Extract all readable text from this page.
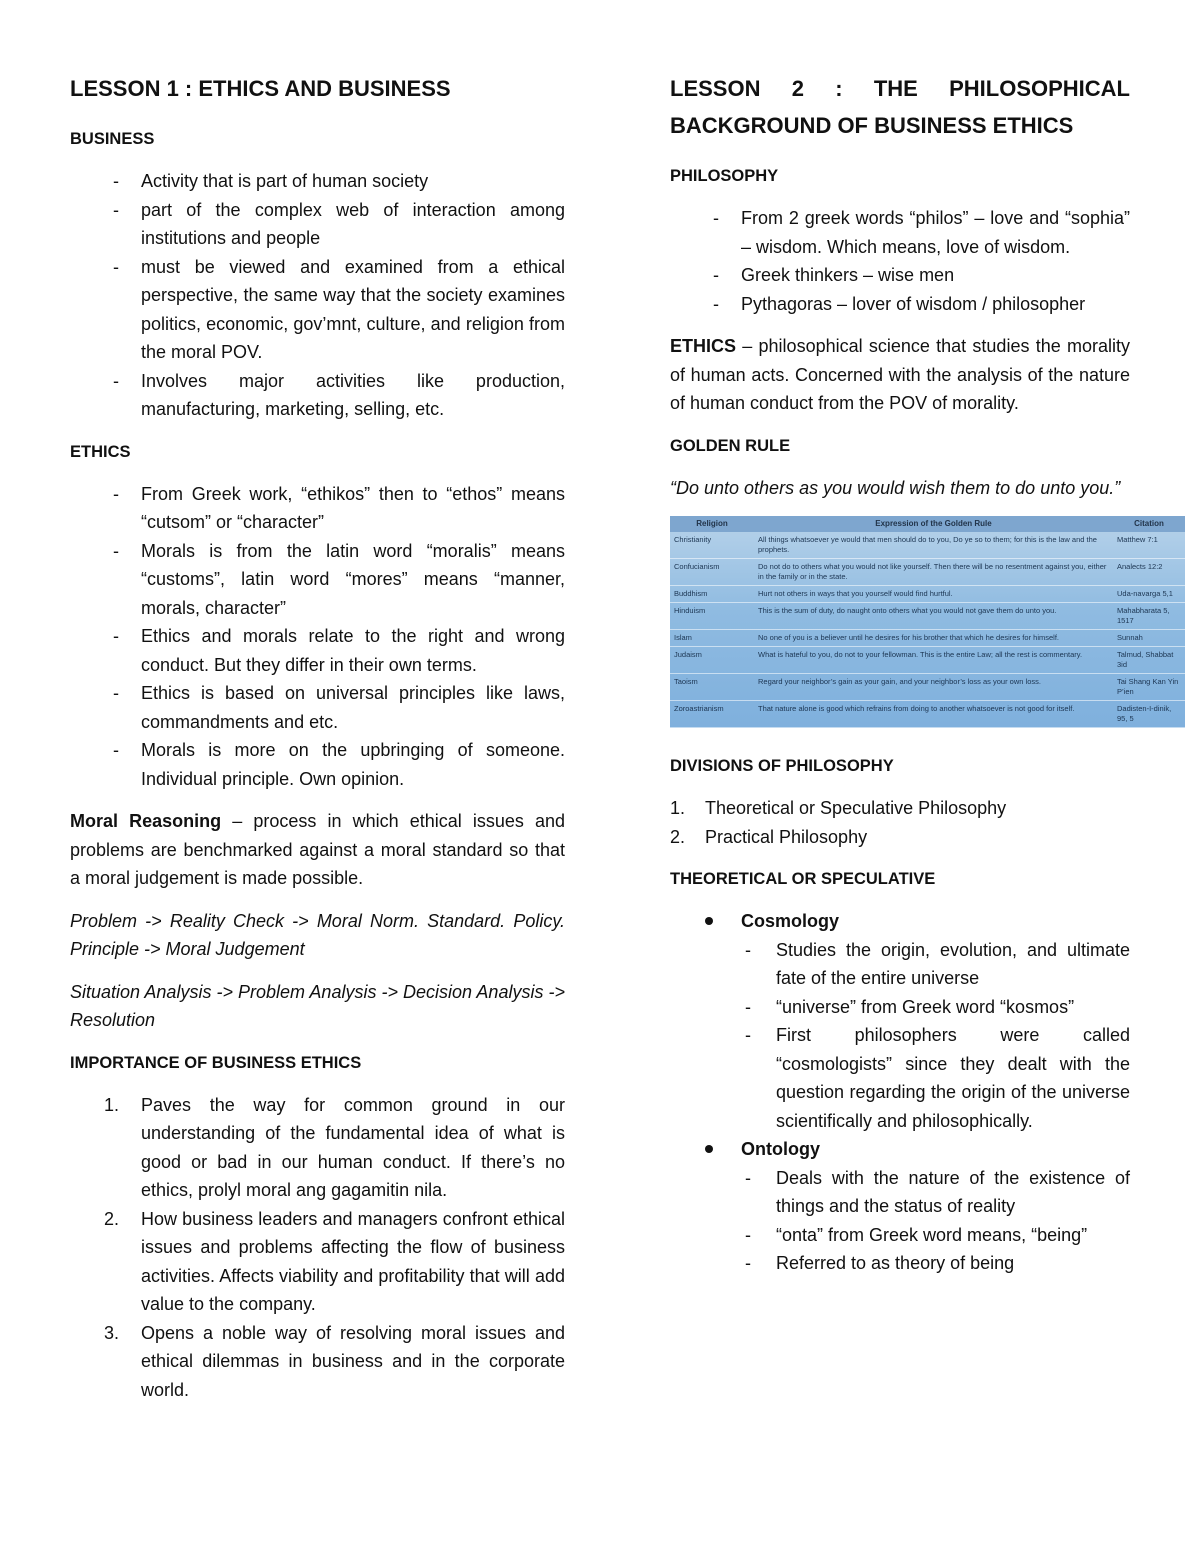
LESSON 1 : ETHICS AND BUSINESS
BUSINESS
- Activity that is part of human society
- part of the complex web of interaction among institutions and people
- must be viewed and examined from a ethical perspective, the same way that the society examines politics, economic, gov’mnt, culture, and religion from the moral POV.
- Involves major activities like production, manufacturing, marketing, selling, etc.
ETHICS
- From Greek work, “ethikos” then to “ethos” means “cutsom” or “character”
- Morals is from the latin word “moralis” means “customs”, latin word “mores” means “manner, morals, character”
- Ethics and morals relate to the right and wrong conduct. But they differ in their own terms.
- Ethics is based on universal principles like laws, commandments and etc.
- Morals is more on the upbringing of someone. Individual principle. Own opinion.

Moral Reasoning – process in which ethical issues and problems are benchmarked against a moral standard so that a moral judgement is made possible.

Problem -> Reality Check -> Moral Norm. Standard. Policy. Principle -> Moral Judgement

Situation Analysis -> Problem Analysis -> Decision Analysis -> Resolution

IMPORTANCE OF BUSINESS ETHICS
1. Paves the way for common ground in our understanding of the fundamental idea of what is good or bad in our human conduct. If there’s no ethics, prolyl moral ang gagamitin nila.
2. How business leaders and managers confront ethical issues and problems affecting the flow of business activities. Affects viability and profitability that will add value to the company.
3. Opens a noble way of resolving moral issues and ethical dilemmas in business and in the corporate world.
LESSON 2 : THE PHILOSOPHICAL BACKGROUND OF BUSINESS ETHICS
PHILOSOPHY
- From 2 greek words “philos” – love and “sophia” – wisdom. Which means, love of wisdom.
- Greek thinkers – wise men
- Pythagoras – lover of wisdom / philosopher

ETHICS – philosophical science that studies the morality of human acts. Concerned with the analysis of the nature of human conduct from the POV of morality.

GOLDEN RULE

“Do unto others as you would wish them to do unto you.”

Religion	Expression of the Golden Rule	Citation
Christianity	All things whatsoever ye would that men should do to you, Do ye so to them; for this is the law and the prophets.	Matthew 7:1
Confucianism	Do not do to others what you would not like yourself. Then there will be no resentment against you, either in the family or in the state.	Analects 12:2
Buddhism	Hurt not others in ways that you yourself would find hurtful.	Uda-navarga 5,1
Hinduism	This is the sum of duty, do naught onto others what you would not gave them do unto you.	Mahabharata 5, 1517
Islam	No one of you is a believer until he desires for his brother that which he desires for himself.	Sunnah
Judaism	What is hateful to you, do not to your fellowman. This is the entire Law; all the rest is commentary.	Talmud, Shabbat 3id
Taoism	Regard your neighbor’s gain as your gain, and your neighbor’s loss as your own loss.	Tai Shang Kan Yin P’ien
Zoroastrianism	That nature alone is good which refrains from doing to another whatsoever is not good for itself.	Dadisten-I-dinik, 95, 5
DIVISIONS OF PHILOSOPHY
1. Theoretical or Speculative Philosophy
2. Practical Philosophy
THEORETICAL OR SPECULATIVE
Cosmology
- Studies the origin, evolution, and ultimate fate of the entire universe
- “universe” from Greek word “kosmos”
- First philosophers were called “cosmologists” since they dealt with the question regarding the origin of the universe scientifically and philosophically.
Ontology
- Deals with the nature of the existence of things and the status of reality
- “onta” from Greek word means, “being”
- Referred to as theory of being
